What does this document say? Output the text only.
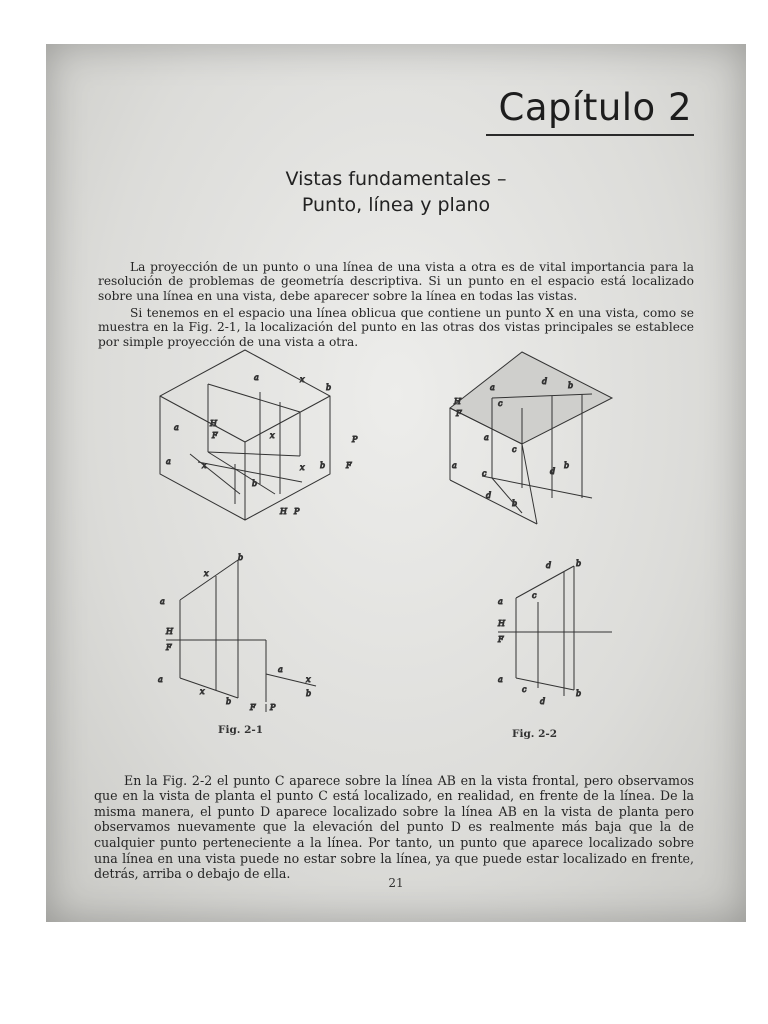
Capítulo 2
Vistas fundamentales –
Punto, línea y plano

La proyección de un punto o una línea de una vista a otra es de vital importancia para la resolución de problemas de geometría descriptiva. Si un punto en el espacio está localizado sobre una línea en una vista, debe aparecer sobre la línea en todas las vistas.

Si tenemos en el espacio una línea oblicua que contiene un punto X en una vista, como se muestra en la Fig. 2-1, la localización del punto en las otras dos vistas principales se establece por simple proyección de una vista a otra.

a
x
a	x
b
H
F
a	x
b
x b	F
P
H P
a
d	b
c
H
F
a
c
a
c	d
b
d
b
b
a
x
H
F
a
x
b
a
x
b
F P
Fig. 2-1
d	b
a
c
H
F
a
c
d
b
Fig. 2-2

En la Fig. 2-2 el punto C aparece sobre la línea AB en la vista frontal, pero observamos que en la vista de planta el punto C está localizado, en realidad, en frente de la línea. De la misma manera, el punto D aparece localizado sobre la línea AB en la vista de planta pero observamos nuevamente que la elevación del punto D es realmente más baja que la de cualquier punto perteneciente a la línea. Por tanto, un punto que aparece localizado sobre una línea en una vista puede no estar sobre la línea, ya que puede estar localizado en frente, detrás, arriba o debajo de ella.

21
